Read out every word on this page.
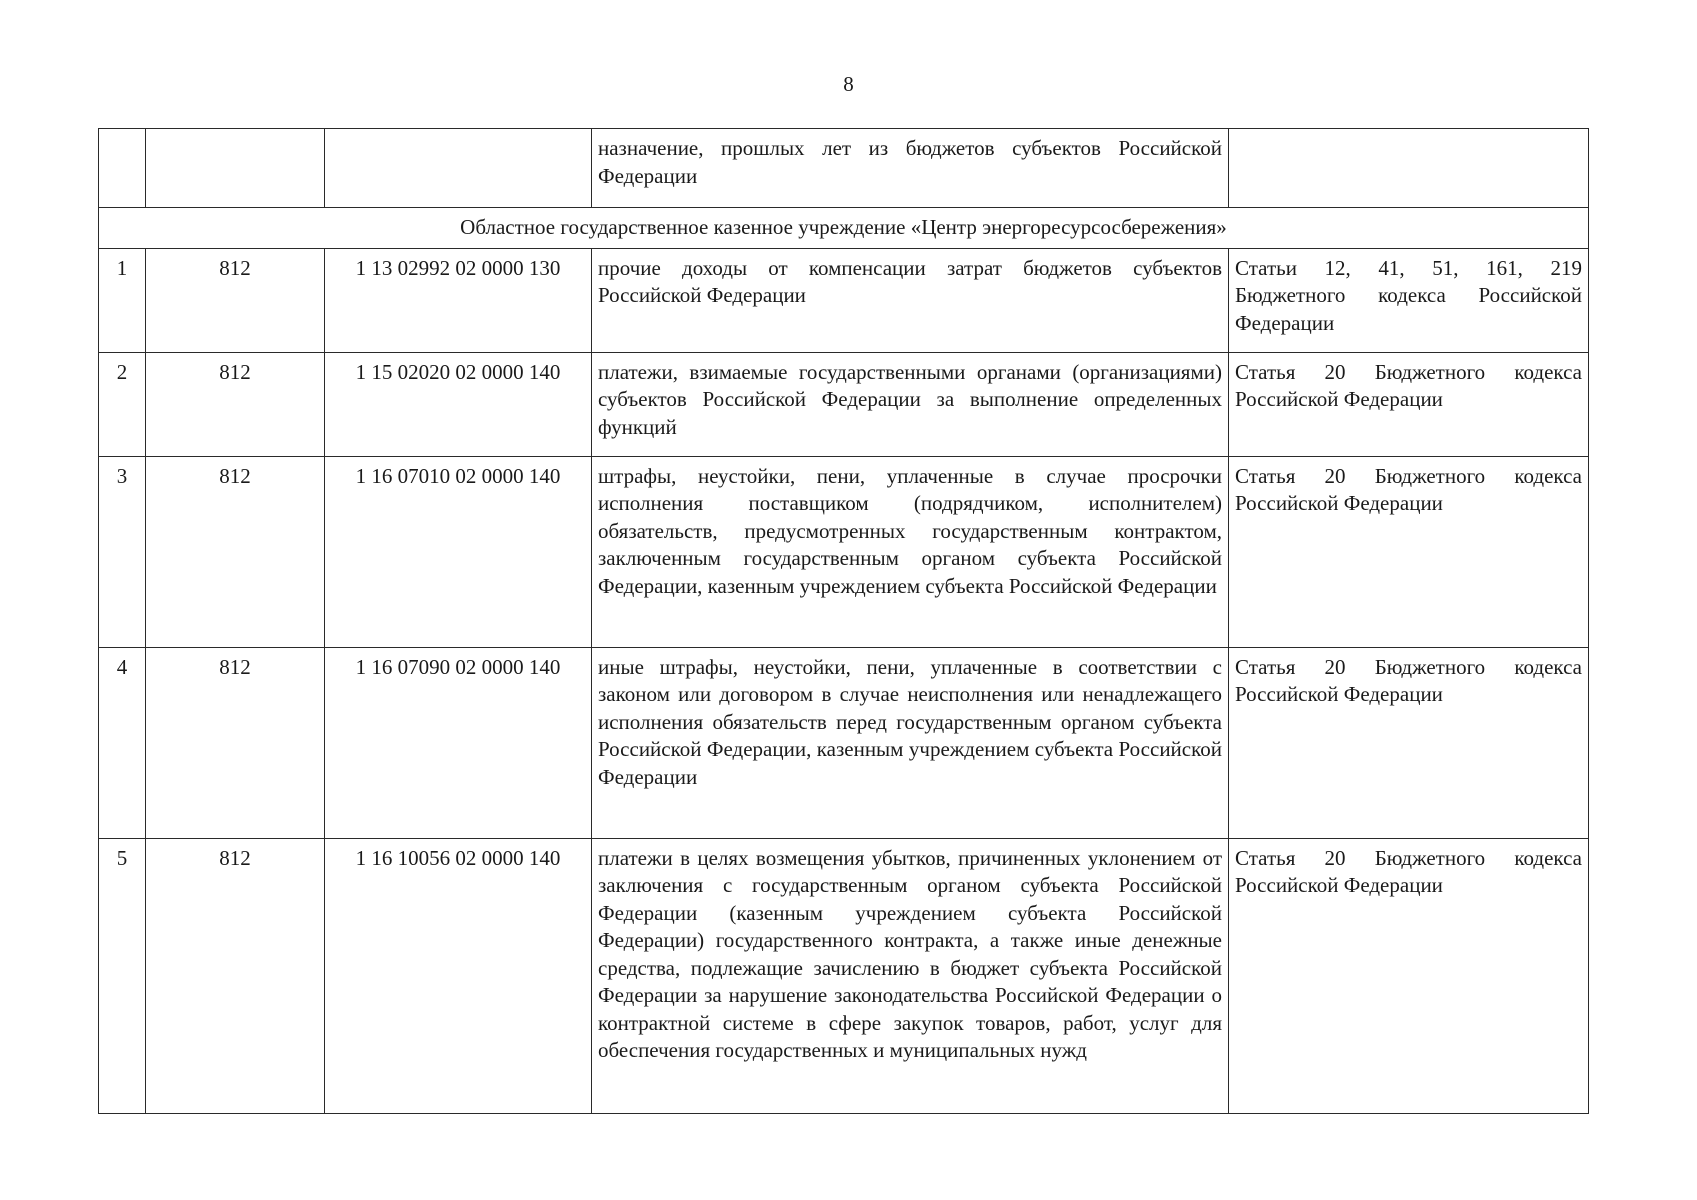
8
			назначение, прошлых лет из бюджетов субъектов Российской Федерации	
Областное государственное казенное учреждение «Центр энергоресурсосбережения»				
1	812	1 13 02992 02 0000 130	прочие доходы от компенсации затрат бюджетов субъектов Российской Федерации	Статьи 12, 41, 51, 161, 219 Бюджетного кодекса Российской Федерации
2	812	1 15 02020 02 0000 140	платежи, взимаемые государственными органами (организациями) субъектов Российской Федерации за выполнение определенных функций	Статья 20 Бюджетного кодекса Российской Федерации
3	812	1 16 07010 02 0000 140	штрафы, неустойки, пени, уплаченные в случае просрочки исполнения поставщиком (подрядчиком, исполнителем) обязательств, предусмотренных государственным контрактом, заключенным государственным органом субъекта Российской Федерации, казенным учреждением субъекта Российской Федерации	Статья 20 Бюджетного кодекса Российской Федерации
4	812	1 16 07090 02 0000 140	иные штрафы, неустойки, пени, уплаченные в соответствии с законом или договором в случае неисполнения или ненадлежащего исполнения обязательств перед государственным органом субъекта Российской Федерации, казенным учреждением субъекта Российской Федерации	Статья 20 Бюджетного кодекса Российской Федерации
5	812	1 16 10056 02 0000 140	платежи в целях возмещения убытков, причиненных уклонением от заключения с государственным органом субъекта Российской Федерации (казенным учреждением субъекта Российской Федерации) государственного контракта, а также иные денежные средства, подлежащие зачислению в бюджет субъекта Российской Федерации за нарушение законодательства Российской Федерации о контрактной системе в сфере закупок товаров, работ, услуг для обеспечения государственных и муниципальных нужд	Статья 20 Бюджетного кодекса Российской Федерации
